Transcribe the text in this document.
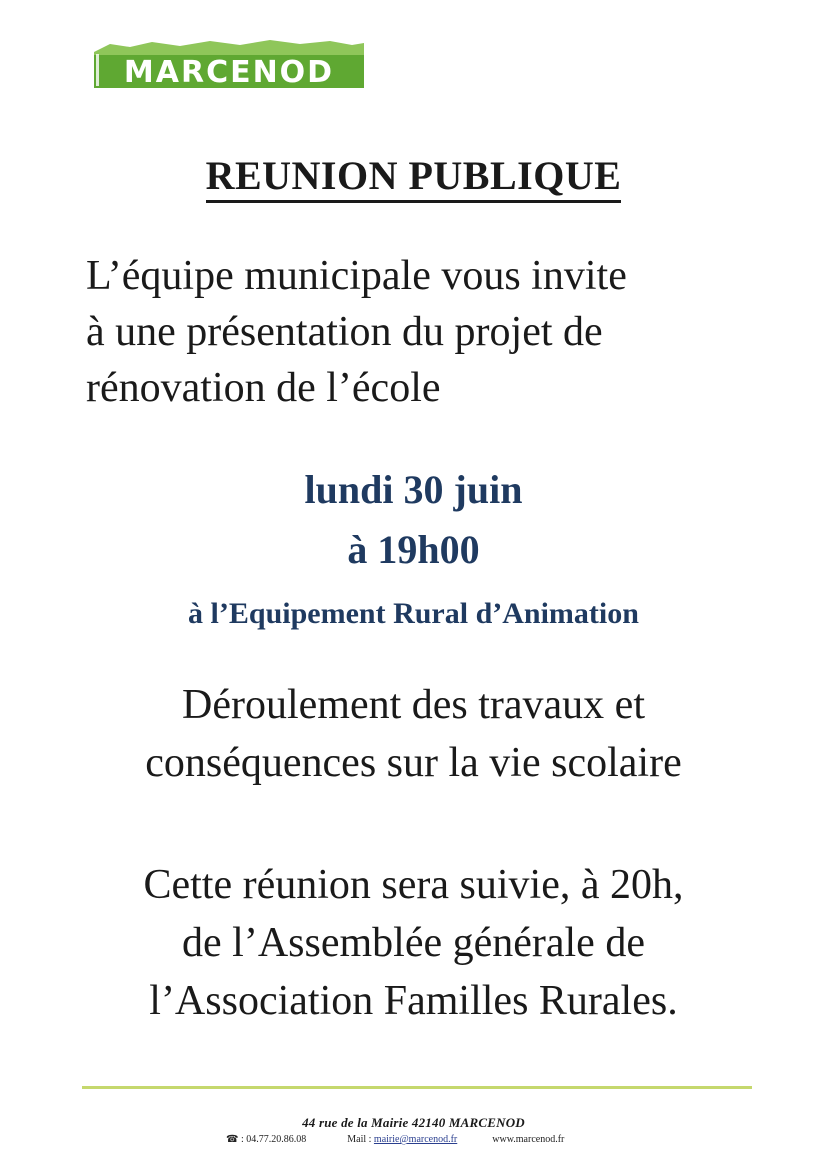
MARCENOD
REUNION PUBLIQUE
L’équipe municipale vous invite
à une présentation du projet de
rénovation de l’école
lundi 30 juin
à 19h00
à l’Equipement Rural d’Animation
Déroulement des travaux et
conséquences sur la vie scolaire
Cette réunion sera suivie, à 20h,
de l’Assemblée générale de
l’Association Familles Rurales.
44 rue de la Mairie 42140 MARCENOD
☎ : 04.77.20.86.08	Mail : mairie@marcenod.fr	www.marcenod.fr
